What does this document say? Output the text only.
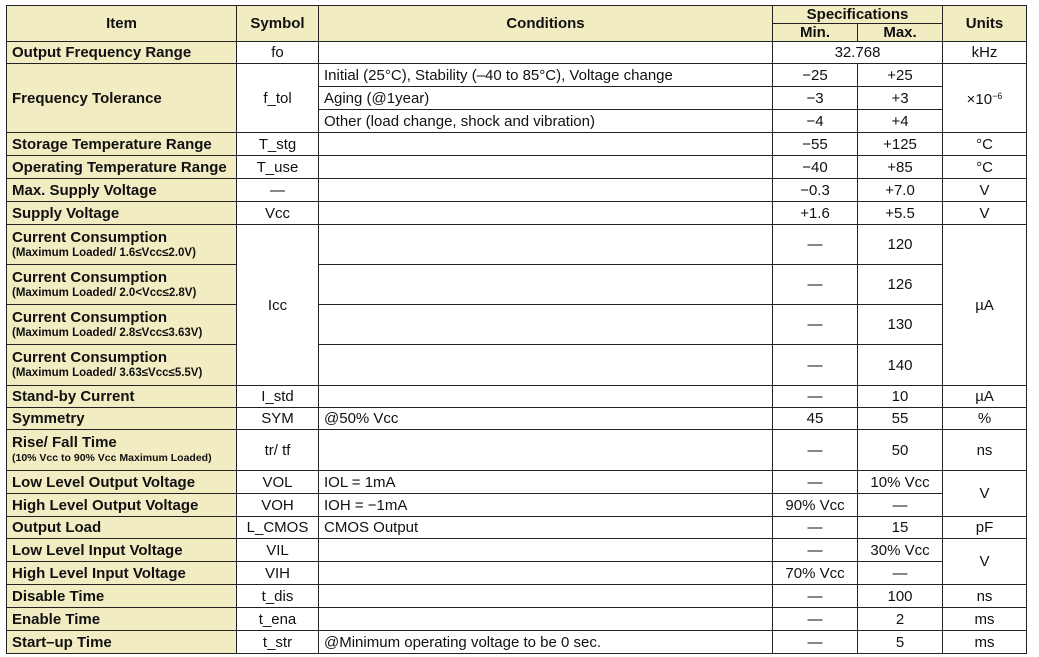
Item	Symbol	Conditions	Specifications		Units
			Min.	Max.	
Output Frequency Range	fo		32.768		kHz
Frequency Tolerance	f_tol	Initial (25°C), Stability (–40 to 85°C), Voltage change	−25	+25	$\times 10^{-6}$
		Aging (@1year)	−3	+3	
		Other (load change, shock and vibration)	−4	+4	
Storage Temperature Range	T_stg		−55	+125	°C
Operating Temperature Range	T_use		−40	+85	°C
Max. Supply Voltage	—		−0.3	+7.0	V
Supply Voltage	Vcc		+1.6	+5.5	V

Current Consumption
(Maximum Loaded/ 1.6≤Vcc≤2.0V)	Icc		—	120	µA

Current Consumption
(Maximum Loaded/ 2.0<Vcc≤2.8V)			—	126	

Current Consumption
(Maximum Loaded/ 2.8≤Vcc≤3.63V)			—	130	

Current Consumption
(Maximum Loaded/ 3.63≤Vcc≤5.5V)			—	140	
Stand-by Current	I_std		—	10	µA
Symmetry	SYM	@50% Vcc	45	55	%

Rise/ Fall Time
(10% Vcc to 90% Vcc Maximum Loaded)	tr/ tf		—	50	ns
Low Level Output Voltage	VOL	IOL = 1mA	—	10% Vcc	V
High Level Output Voltage	VOH	IOH = −1mA	90% Vcc	—	
Output Load	L_CMOS	CMOS Output	—	15	pF
Low Level Input Voltage	VIL		—	30% Vcc	V
High Level Input Voltage	VIH		70% Vcc	—	
Disable Time	t_dis		—	100	ns
Enable Time	t_ena		—	2	ms
Start–up Time	t_str	@Minimum operating voltage to be 0 sec.	—	5	ms
